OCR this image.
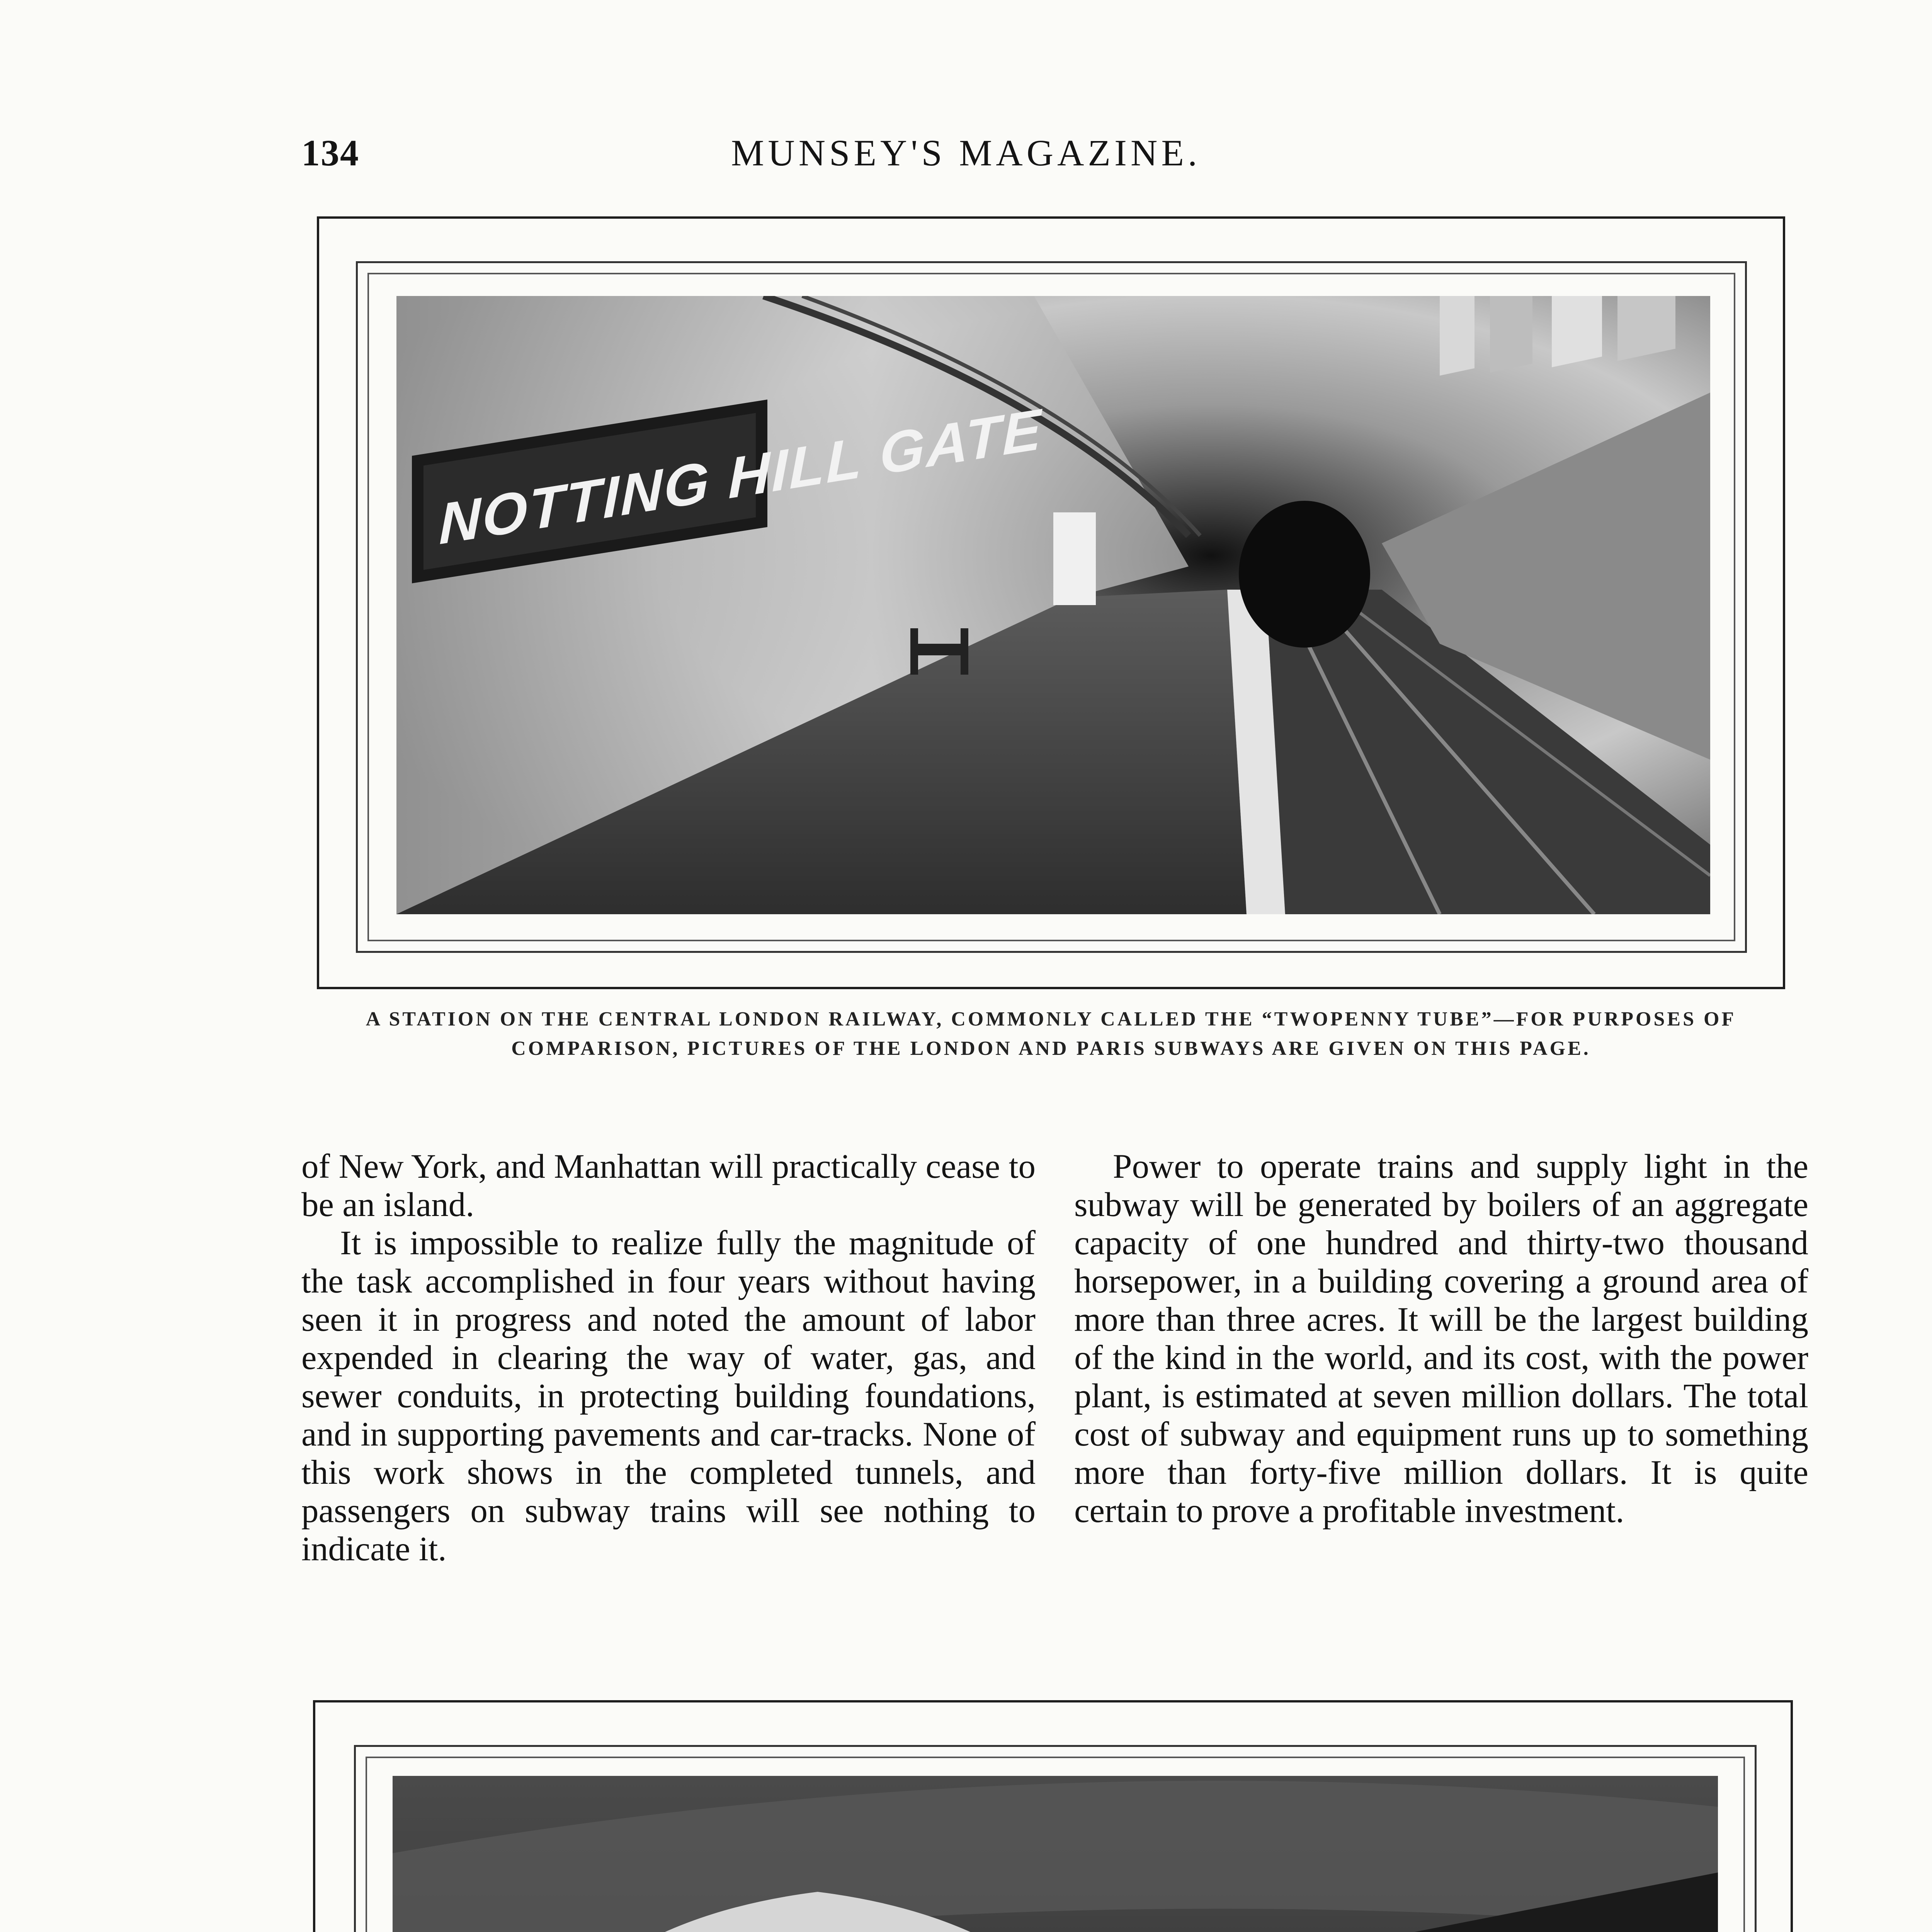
134	MUNSEY'S MAGAZINE.
NOTTING HILL GATE
A STATION ON THE CENTRAL LONDON RAILWAY, COMMONLY CALLED THE “TWOPENNY TUBE”—FOR PURPOSES OF COMPARISON, PICTURES OF THE LONDON AND PARIS SUBWAYS ARE GIVEN ON THIS PAGE.

of New York, and Manhattan will practically cease to be an island.

It is impossible to realize fully the magnitude of the task accomplished in four years without having seen it in progress and noted the amount of labor expended in clearing the way of water, gas, and sewer conduits, in protecting building foundations, and in supporting pavements and car-tracks. None of this work shows in the completed tunnels, and passengers on subway trains will see nothing to indicate it.

Power to operate trains and supply light in the subway will be generated by boilers of an aggregate capacity of one hundred and thirty-two thousand horsepower, in a building covering a ground area of more than three acres. It will be the largest building of the kind in the world, and its cost, with the power plant, is estimated at seven million dollars. The total cost of subway and equipment runs up to something more than forty-five million dollars. It is quite certain to prove a profitable investment.
